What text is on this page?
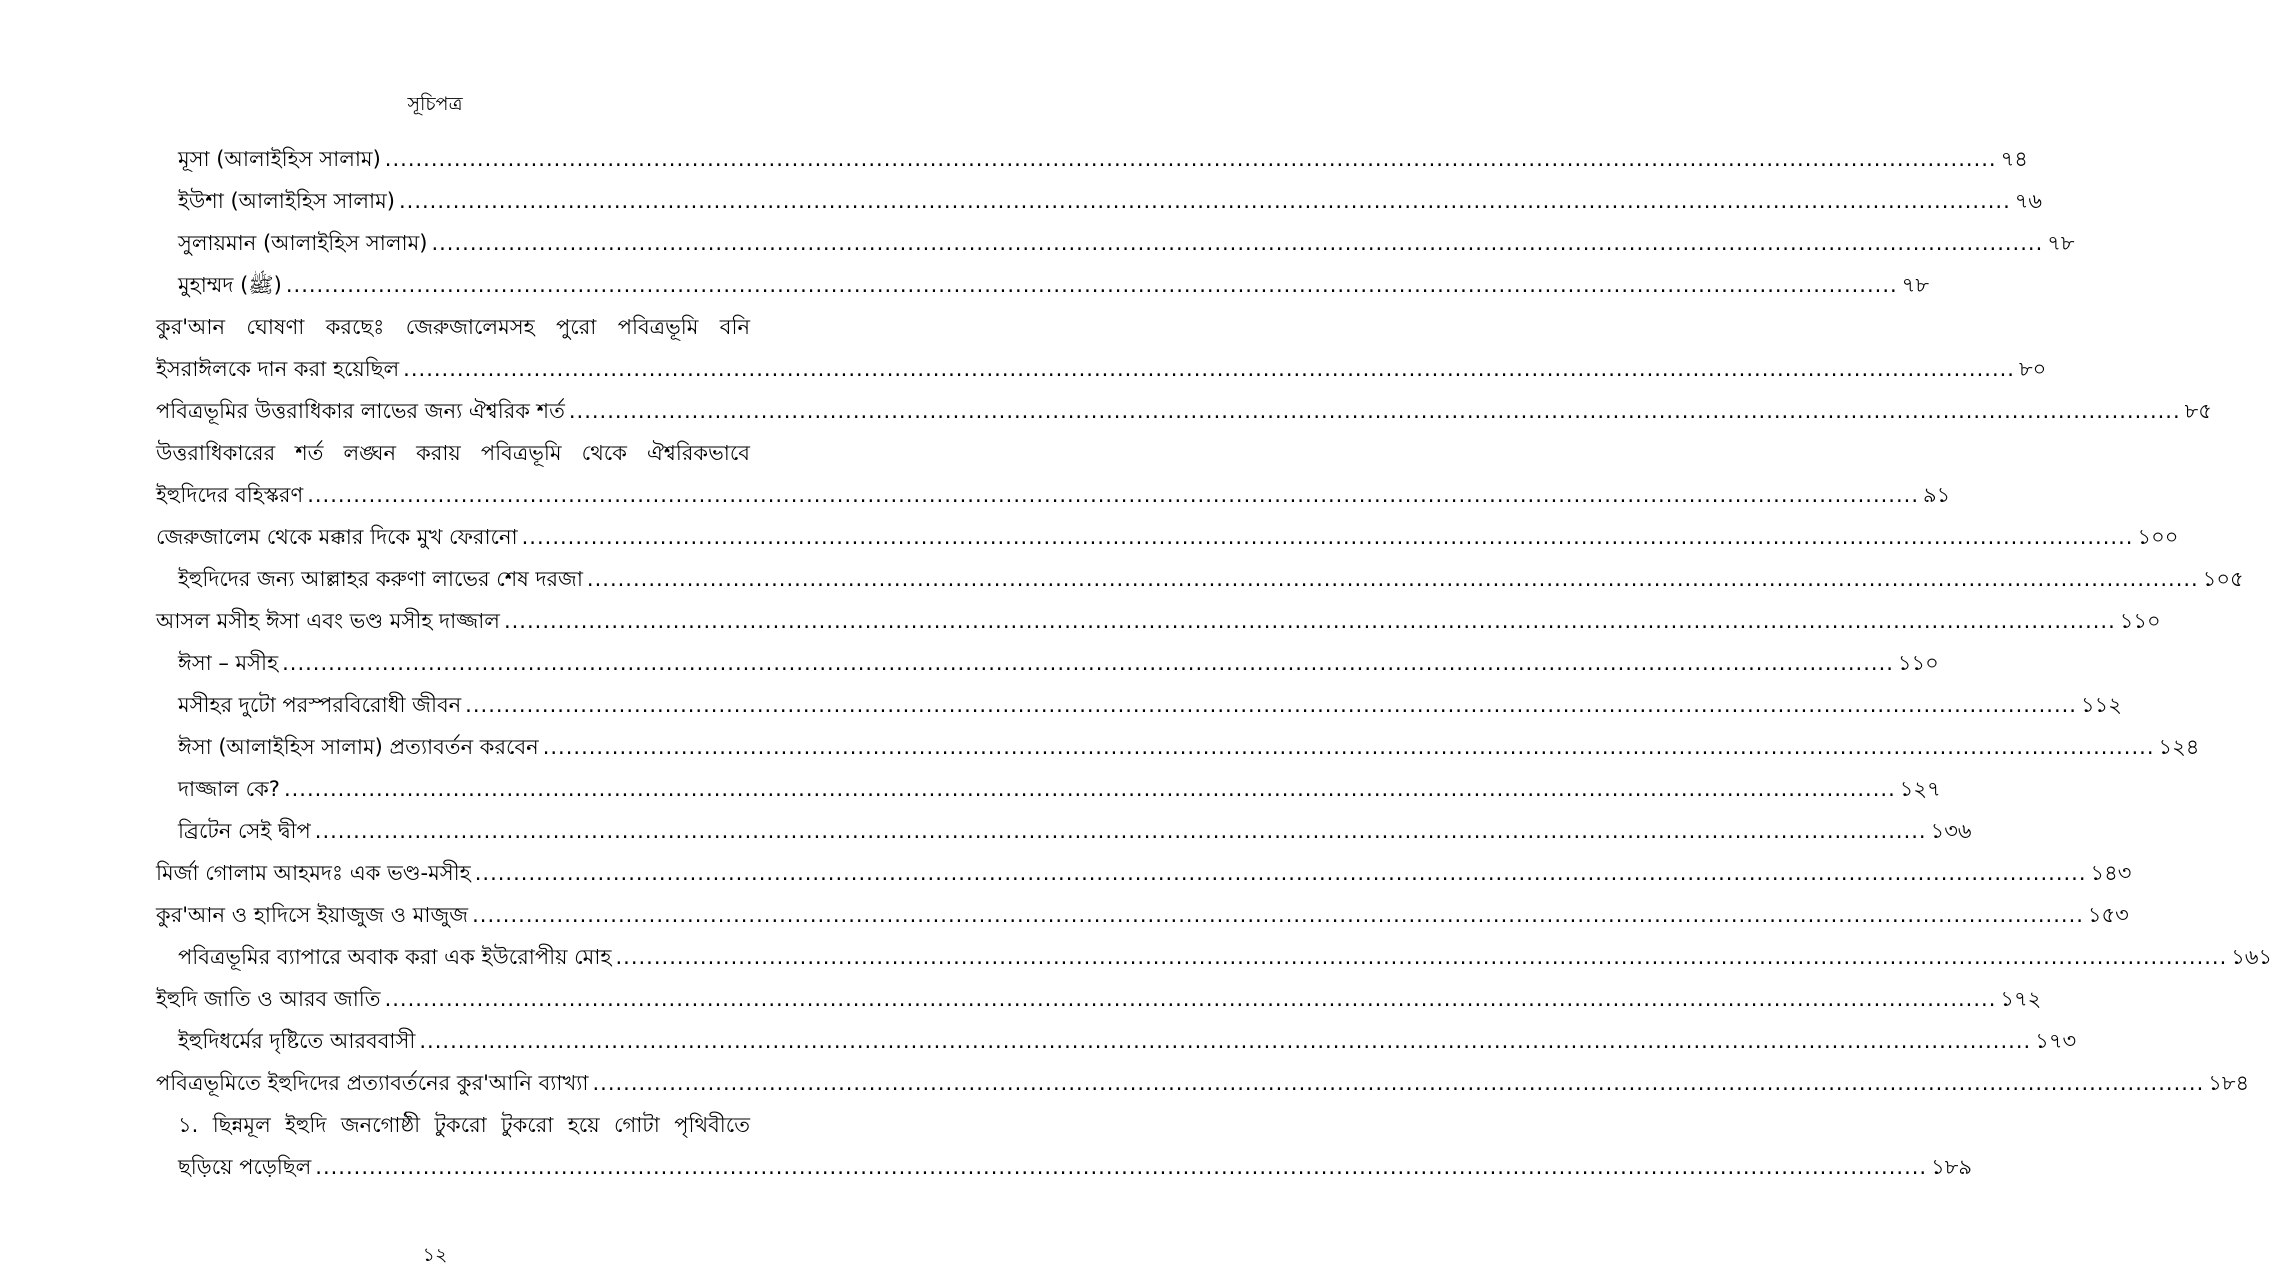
সূচিপত্র
মূসা (আলাইহিস সালাম) .....	৭৪
ইউশা (আলাইহিস সালাম) .....	৭৬
সুলায়মান (আলাইহিস সালাম) .....	৭৮
মুহাম্মদ (ﷺ) .....	৭৮
কুর'আন ঘোষণা করছেঃ জেরুজালেমসহ পুরো পবিত্রভূমি বনি
ইসরাঈলকে দান করা হয়েছিল .....	৮০
পবিত্রভূমির উত্তরাধিকার লাভের জন্য ঐশ্বরিক শর্ত .....	৮৫
উত্তরাধিকারের শর্ত লঙ্ঘন করায় পবিত্রভূমি থেকে ঐশ্বরিকভাবে
ইহুদিদের বহিস্করণ .....	৯১
জেরুজালেম থেকে মক্কার দিকে মুখ ফেরানো .....	১০০
ইহুদিদের জন্য আল্লাহর করুণা লাভের শেষ দরজা .....	১০৫
আসল মসীহ ঈসা এবং ভণ্ড মসীহ দাজ্জাল .....	১১০
ঈসা – মসীহ .....	১১০
মসীহর দুটো পরস্পরবিরোধী জীবন .....	১১২
ঈসা (আলাইহিস সালাম) প্রত্যাবর্তন করবেন .....	১২৪
দাজ্জাল কে? .....	১২৭
ব্রিটেন সেই দ্বীপ .....	১৩৬
মির্জা গোলাম আহমদঃ এক ভণ্ড-মসীহ .....	১৪৩
কুর'আন ও হাদিসে ইয়াজুজ ও মাজুজ .....	১৫৩
পবিত্রভূমির ব্যাপারে অবাক করা এক ইউরোপীয় মোহ .....	১৬১
ইহুদি জাতি ও আরব জাতি .....	১৭২
ইহুদিধর্মের দৃষ্টিতে আরববাসী .....	১৭৩
পবিত্রভূমিতে ইহুদিদের প্রত্যাবর্তনের কুর'আনি ব্যাখ্যা .....	১৮৪
১. ছিন্নমূল ইহুদি জনগোষ্ঠী টুকরো টুকরো হয়ে গোটা পৃথিবীতে
ছড়িয়ে পড়েছিল .....	১৮৯
১২
